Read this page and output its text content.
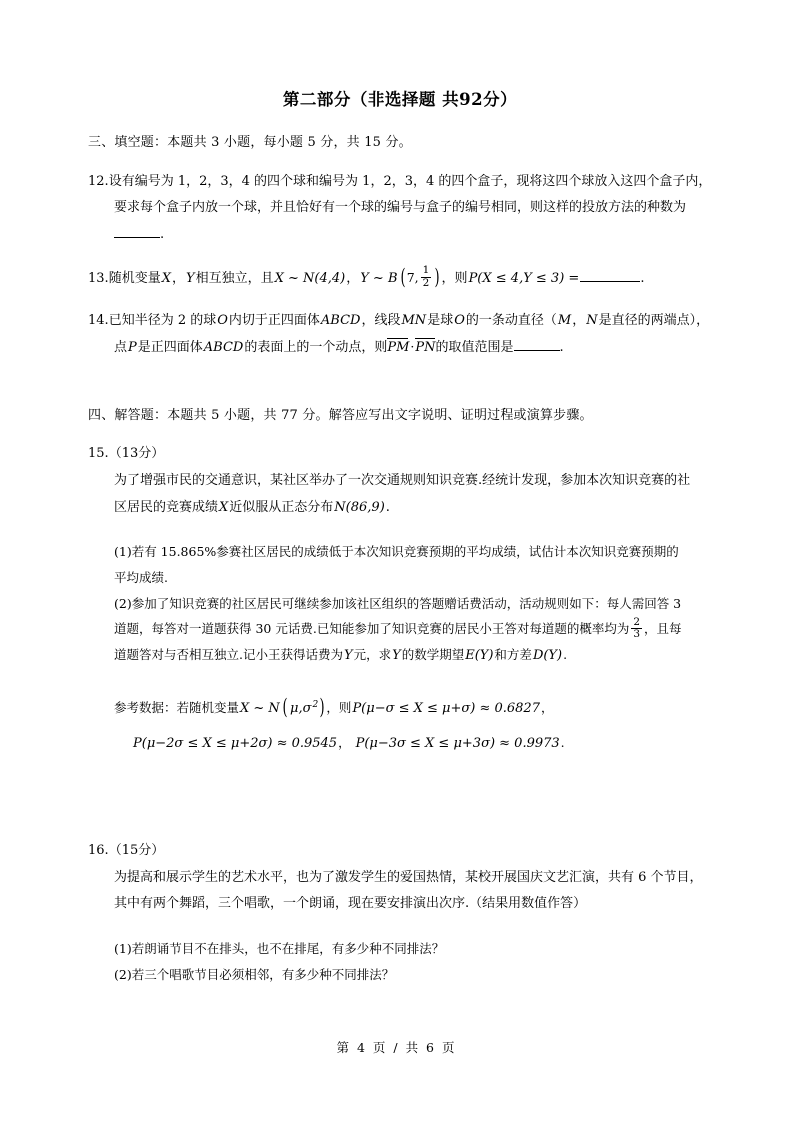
第二部分（非选择题 共92分）
三、填空题：本题共 3 小题，每小题 5 分，共 15 分。
12.设有编号为 1，2，3，4 的四个球和编号为 1，2，3，4 的四个盒子，现将这四个球放入这四个盒子内，
要求每个盒子内放一个球，并且恰好有一个球的编号与盒子的编号相同，则这样的投放方法的种数为
.
13.随机变量X，Y相互独立，且X ~ N(4,4)，Y ~ B ( 7, $\frac{1}{2}$ ) ，则P(X ≤ 4,Y ≤ 3) =	.
14.已知半径为 2 的球O内切于正四面体ABCD，线段MN是球O的一条动直径（M，N是直径的两端点），
点P是正四面体ABCD的表面上的一个动点，则PM·PN的取值范围是	.
四、解答题：本题共 5 小题，共 77 分。解答应写出文字说明、证明过程或演算步骤。
15.（13分）
为了增强市民的交通意识，某社区举办了一次交通规则知识竞赛.经统计发现，参加本次知识竞赛的社
区居民的竞赛成绩X近似服从正态分布N(86,9).
(1)若有 15.865%参赛社区居民的成绩低于本次知识竞赛预期的平均成绩，试估计本次知识竞赛预期的
平均成绩.
(2)参加了知识竞赛的社区居民可继续参加该社区组织的答题赠话费活动，活动规则如下：每人需回答 3
道题，每答对一道题获得 30 元话费.已知能参加了知识竞赛的居民小王答对每道题的概率均为 $\frac{2}{3}$ ，且每
道题答对与否相互独立.记小王获得话费为Y元，求Y的数学期望E(Y)和方差D(Y).
参考数据：若随机变量X ~ N ( $\mu,\sigma^2$) ，则P(μ−σ ≤ X ≤ μ+σ) ≈ 0.6827，
P(μ−2σ ≤ X ≤ μ+2σ) ≈ 0.9545， P(μ−3σ ≤ X ≤ μ+3σ) ≈ 0.9973.
16.（15分）
为提高和展示学生的艺术水平，也为了激发学生的爱国热情，某校开展国庆文艺汇演，共有 6 个节目，
其中有两个舞蹈，三个唱歌，一个朗诵，现在要安排演出次序.（结果用数值作答）
(1)若朗诵节目不在排头，也不在排尾，有多少种不同排法？
(2)若三个唱歌节目必须相邻，有多少种不同排法？
第 4 页 / 共 6 页
